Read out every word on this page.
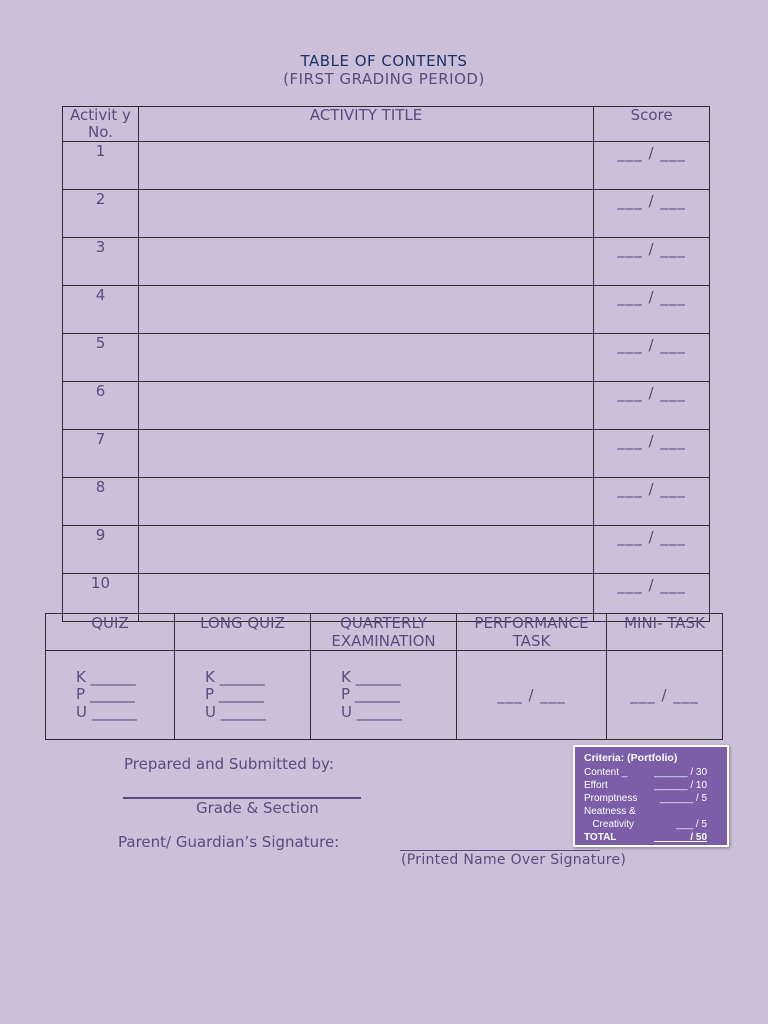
TABLE OF CONTENTS
(FIRST GRADING PERIOD)
Activit y No.	ACTIVITY TITLE	Score
1		___ / ___
2		___ / ___
3		___ / ___
4		___ / ___
5		___ / ___
6		___ / ___
7		___ / ___
8		___ / ___
9		___ / ___
10		___ / ___
QUIZ	LONG QUIZ	QUARTERLY EXAMINATION	PERFORMANCE TASK	MINI- TASK

K ______
P ______
U ______	K ______
P ______
U ______	K ______
P ______
U ______	___ / ___	___ / ___
Prepared and Submitted by:
Grade & Section
Parent/ Guardian’s Signature:
(Printed Name Over Signature)
Criteria: (Portfolio)
Content _	______ / 30
Effort	______ / 10
Promptness ______ / 5
Neatness &
Creativity	___ / 5
TOTAL	______ / 50
